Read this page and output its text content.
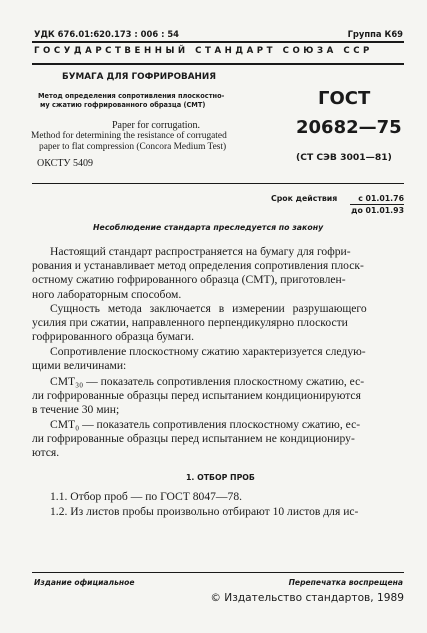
УДК 676.01:620.173 : 006 : 54	Группа К69
ГОСУДАРСТВЕННЫЙ СТАНДАРТ СОЮЗА ССР
БУМАГА ДЛЯ ГОФРИРОВАНИЯ
Метод определения сопротивления плоскостно-
му сжатию гофрированного образца (СМТ)
Paper for corrugation.
Method for determining the resistance of corrugated
paper to flat compression (Concora Medium Test)
ОКСТУ 5409
ГОСТ
20682—75
(СТ СЭВ 3001—81)
Срок действия	с 01.01.76
до 01.01.93
Несоблюдение стандарта преследуется по закону
Настоящий стандарт распространяется на бумагу для гофри-
рования и устанавливает метод определения сопротивления плоск-
остному сжатию гофрированного образца (СМТ), приготовлен-
ного лабораторным способом.
Сущность метода заключается в измерении разрушающего
усилия при сжатии, направленного перпендикулярно плоскости
гофрированного образца бумаги.
Сопротивление плоскостному сжатию характеризуется следую-
щими величинами:
СМТ₃₀ — показатель сопротивления плоскостному сжатию, ес-
ли гофрированные образцы перед испытанием кондиционируются
в течение 30 мин;
СМТ₀ — показатель сопротивления плоскостному сжатию, ес-
ли гофрированные образцы перед испытанием не кондициониру-
ются.
1. ОТБОР ПРОБ
1.1. Отбор проб — по ГОСТ 8047—78.
1.2. Из листов пробы произвольно отбирают 10 листов для ис-
Издание официальное	Перепечатка воспрещена
© Издательство стандартов, 1989
